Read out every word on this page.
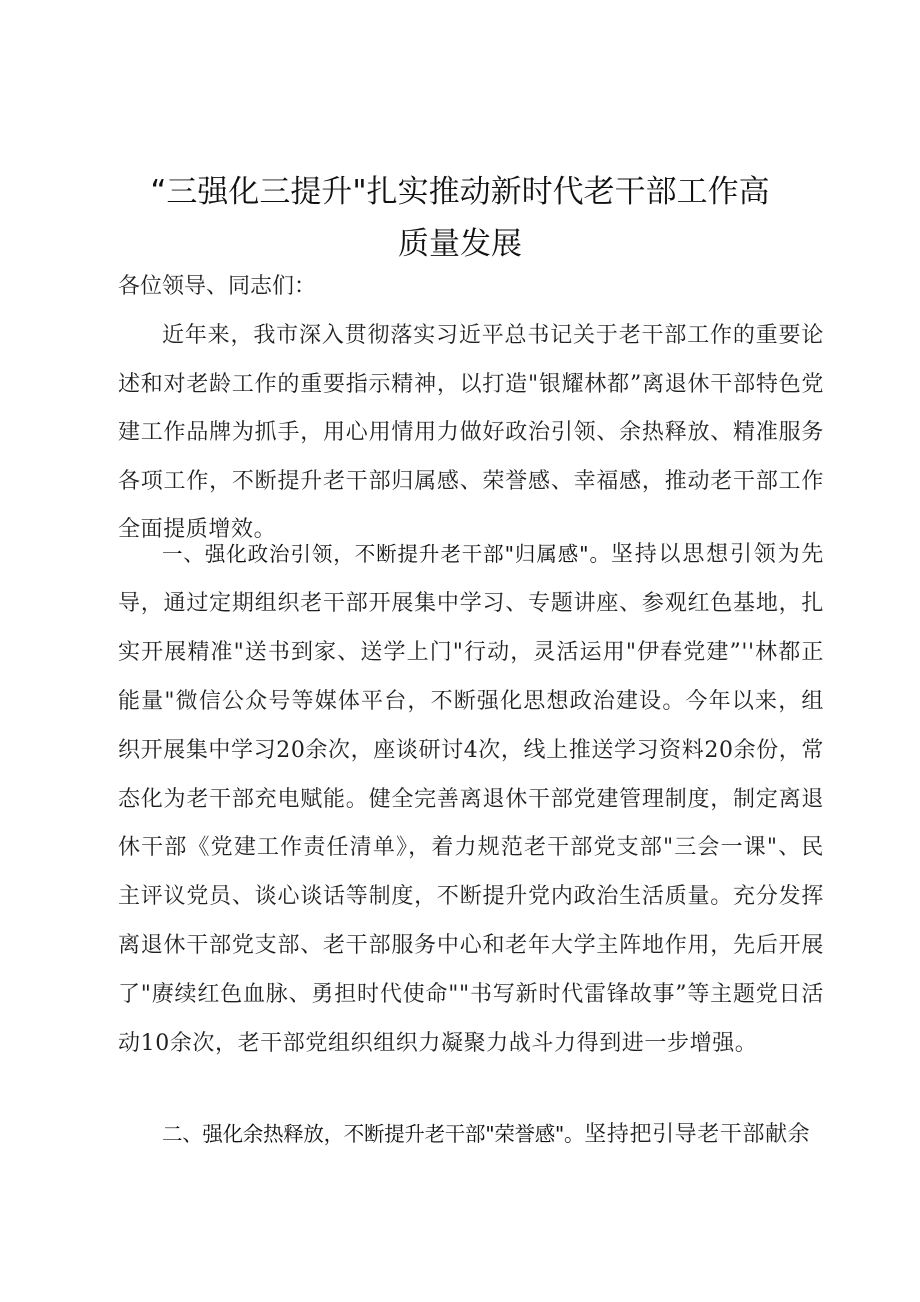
“三强化三提升"扎实推动新时代老干部工作高
质量发展
各位领导、同志们：
近年来，我市深入贯彻落实习近平总书记关于老干部工作的重要论述和对老龄工作的重要指示精神，以打造"银耀林都”离退休干部特色党建工作品牌为抓手，用心用情用力做好政治引领、余热释放、精准服务各项工作，不断提升老干部归属感、荣誉感、幸福感，推动老干部工作全面提质增效。
一、强化政治引领，不断提升老干部"归属感"。坚持以思想引领为先导，通过定期组织老干部开展集中学习、专题讲座、参观红色基地，扎实开展精准"送书到家、送学上门"行动，灵活运用"伊春党建”''林都正能量"微信公众号等媒体平台，不断强化思想政治建设。今年以来，组织开展集中学习20余次，座谈研讨4次，线上推送学习资料20余份，常态化为老干部充电赋能。健全完善离退休干部党建管理制度，制定离退休干部《党建工作责任清单》，着力规范老干部党支部"三会一课"、民主评议党员、谈心谈话等制度，不断提升党内政治生活质量。充分发挥离退休干部党支部、老干部服务中心和老年大学主阵地作用，先后开展了"赓续红色血脉、勇担时代使命""书写新时代雷锋故事”等主题党日活动10余次，老干部党组织组织力凝聚力战斗力得到进一步增强。
二、强化余热释放，不断提升老干部"荣誉感"。坚持把引导老干部献余
